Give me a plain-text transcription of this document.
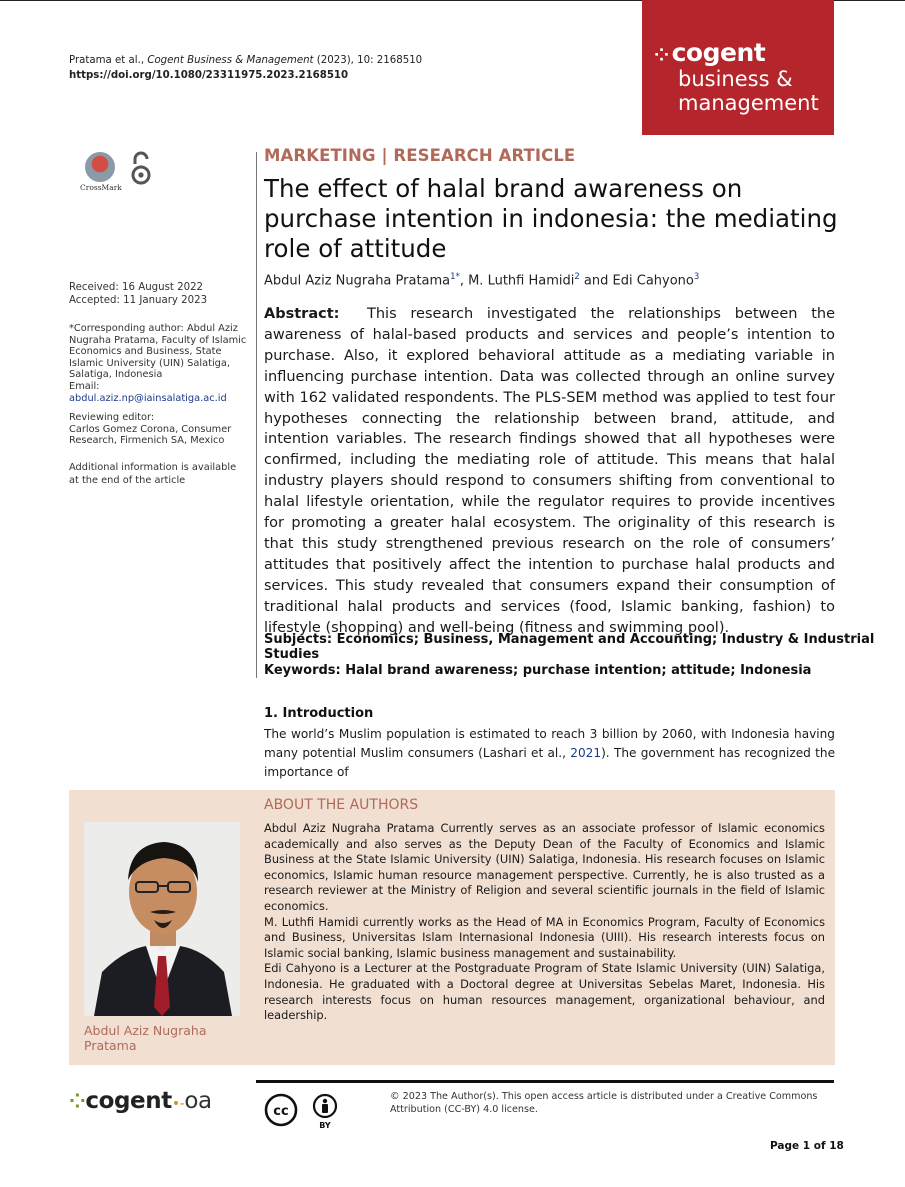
Pratama et al., Cogent Business & Management (2023), 10: 2168510
https://doi.org/10.1080/23311975.2023.2168510
⁘ cogent
business &
management
CrossMark
Received: 16 August 2022
Accepted: 11 January 2023
*Corresponding author: Abdul Aziz Nugraha Pratama, Faculty of Islamic Economics and Business, State Islamic University (UIN) Salatiga, Salatiga, Indonesia
Email: abdul.aziz.np@iainsalatiga.ac.id
Reviewing editor:
Carlos Gomez Corona, Consumer Research, Firmenich SA, Mexico
Additional information is available at the end of the article
MARKETING | RESEARCH ARTICLE
The effect of halal brand awareness on purchase intention in indonesia: the mediating role of attitude
Abdul Aziz Nugraha Pratama$^{1*}$, M. Luthfi Hamidi$^2$ and Edi Cahyono$^3$
Abstract: This research investigated the relationships between the awareness of halal-based products and services and people’s intention to purchase. Also, it explored behavioral attitude as a mediating variable in influencing purchase intention. Data was collected through an online survey with 162 validated respondents. The PLS-SEM method was applied to test four hypotheses connecting the relationship between brand, attitude, and intention variables. The research findings showed that all hypotheses were confirmed, including the mediating role of attitude. This means that halal industry players should respond to consumers shifting from conventional to halal lifestyle orientation, while the regulator requires to provide incentives for promoting a greater halal ecosystem. The originality of this research is that this study strengthened previous research on the role of consumers’ attitudes that positively affect the intention to purchase halal products and services. This study revealed that consumers expand their consumption of traditional halal products and services (food, Islamic banking, fashion) to lifestyle (shopping) and well-being (fitness and swimming pool).
Subjects: Economics; Business, Management and Accounting; Industry & Industrial Studies
Keywords: Halal brand awareness; purchase intention; attitude; Indonesia
1. Introduction
The world’s Muslim population is estimated to reach 3 billion by 2060, with Indonesia having many potential Muslim consumers (Lashari et al., 2021). The government has recognized the importance of
ABOUT THE AUTHORS

Abdul Aziz Nugraha Pratama Currently serves as an associate professor of Islamic economics academically and also serves as the Deputy Dean of the Faculty of Economics and Islamic Business at the State Islamic University (UIN) Salatiga, Indonesia. His research focuses on Islamic economics, Islamic human resource management perspective. Currently, he is also trusted as a research reviewer at the Ministry of Religion and several scientific journals in the field of Islamic economics.

M. Luthfi Hamidi currently works as the Head of MA in Economics Program, Faculty of Economics and Business, Universitas Islam Internasional Indonesia (UIII). His research interests focus on Islamic social banking, Islamic business management and sustainability.

Edi Cahyono is a Lecturer at the Postgraduate Program of State Islamic University (UIN) Salatiga, Indonesia. He graduated with a Doctoral degree at Universitas Sebelas Maret, Indonesia. His research interests focus on human resources management, organizational behaviour, and leadership.

Abdul Aziz Nugraha Pratama
⁘cogent•‑oa	cc
BY
© 2023 The Author(s). This open access article is distributed under a Creative Commons Attribution (CC-BY) 4.0 license.
Page 1 of 18
